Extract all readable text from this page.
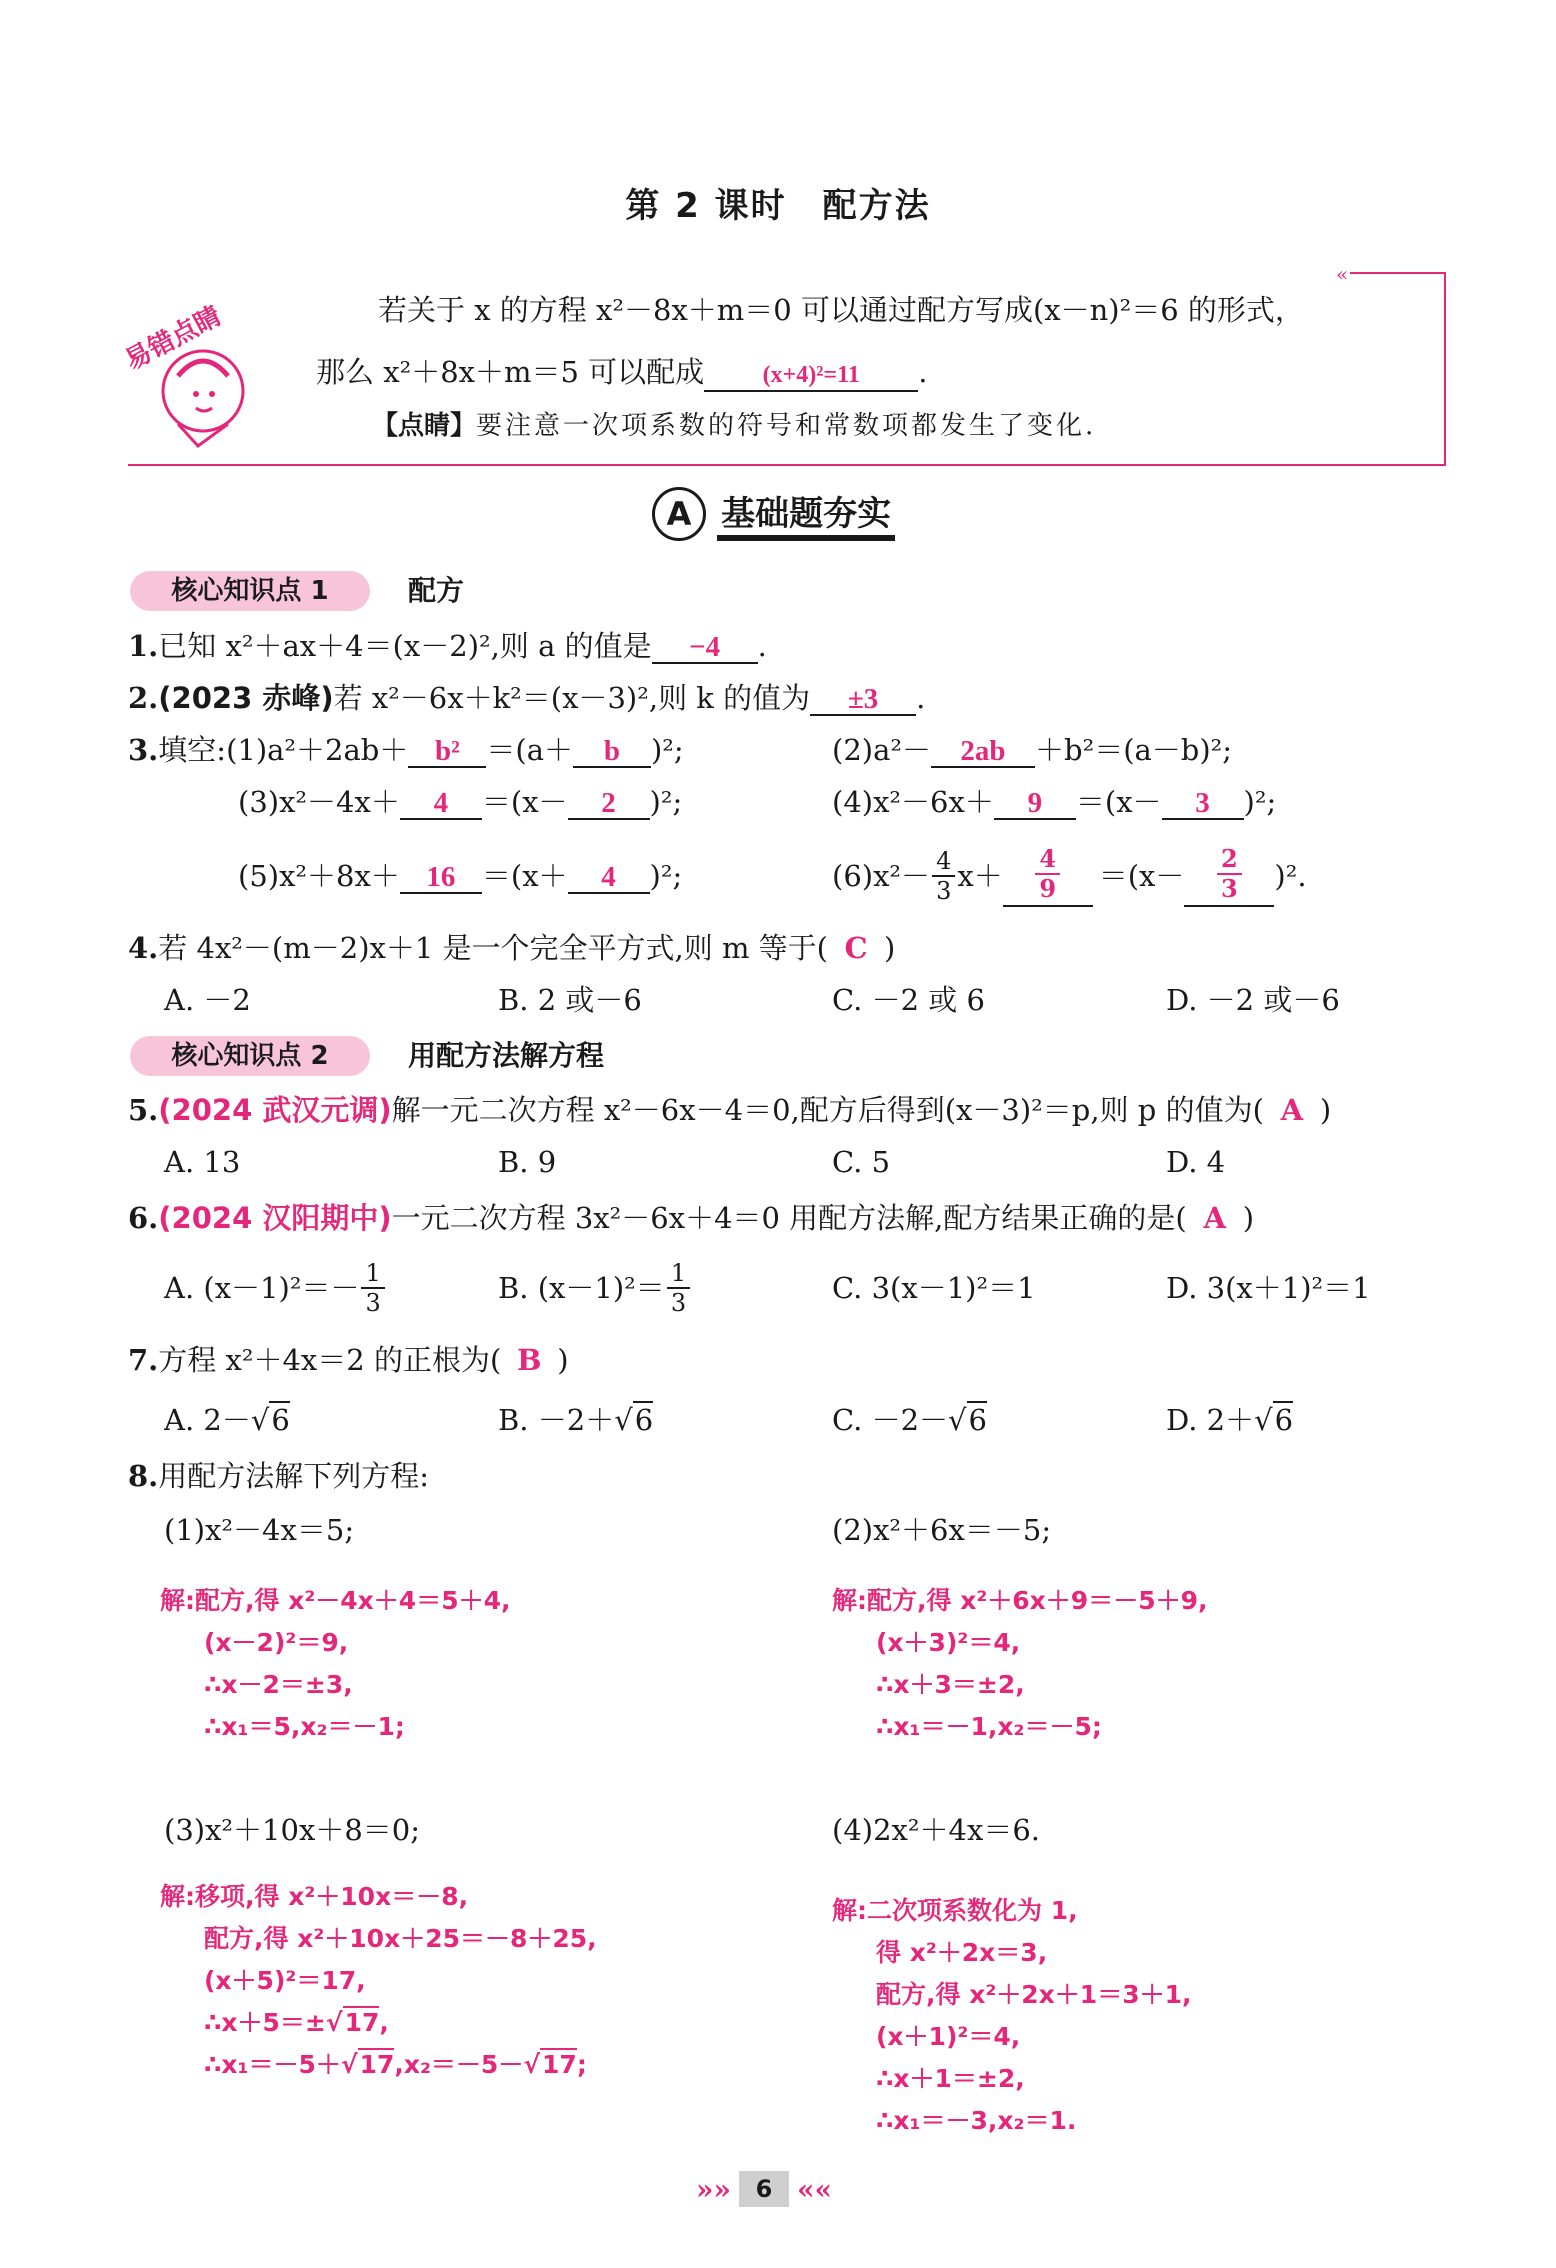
第 2 课时　配方法
«
易错点睛	若关于 x 的方程 x²－8x＋m＝0 可以通过配方写成(x－n)²＝6 的形式，
那么 x²＋8x＋m＝5 可以配成 (x+4)²=11 .
【点睛】要注意一次项系数的符号和常数项都发生了变化.
A 基础题夯实
核心知识点 1	配方
1.已知 x²＋ax＋4＝(x－2)²,则 a 的值是 −4 .
2.(2023 赤峰)若 x²－6x＋k²＝(x－3)²,则 k 的值为 ±3 .
3.填空:(1)a²＋2ab＋ b² ＝(a＋ b )²;	(2)a²－ 2ab ＋b²＝(a－b)²;
(3)x²－4x＋ 4 ＝(x－ 2 )²;	(4)x²－6x＋ 9 ＝(x－ 3 )²;
(5)x²＋8x＋ 16 ＝(x＋ 4 )²;	$(6)x^2- \frac{4}{3} x+ \frac{4}{9} =(x- \frac{2}{3} )^2$.
4.若 4x²－(m－2)x＋1 是一个完全平方式,则 m 等于( C )
A. －2	B. 2 或－6	C. －2 或 6	D. －2 或－6
核心知识点 2	用配方法解方程
5.(2024 武汉元调)解一元二次方程 x²－6x－4＝0,配方后得到(x－3)²＝p,则 p 的值为( A )
A. 13	B. 9	C. 5	D. 4
6.(2024 汉阳期中)一元二次方程 3x²－6x＋4＝0 用配方法解,配方结果正确的是( A )
A. $(x-1)^2=- \frac{1}{3}$	B. $(x-1)^2= \frac{1}{3}$	C. 3(x－1)²＝1	D. 3(x＋1)²＝1
7.方程 x²＋4x＝2 的正根为( B )
A. 2－√6	B. －2＋√6	C. －2－√6	D. 2＋√6
8.用配方法解下列方程:
(1)x²－4x＝5;	(2)x²＋6x＝－5;
解:配方,得 x²－4x＋4＝5＋4,
(x－2)²＝9,
∴x－2＝±3,
∴x₁＝5,x₂＝－1;
解:配方,得 x²＋6x＋9＝－5＋9,
(x＋3)²＝4,
∴x＋3＝±2,
∴x₁＝－1,x₂＝－5;
(3)x²＋10x＋8＝0;	(4)2x²＋4x＝6.
解:移项,得 x²＋10x＝－8,
配方,得 x²＋10x＋25＝－8＋25,
(x＋5)²＝17,
∴x＋5＝±√17,
∴x₁＝－5＋√17,x₂＝－5－√17;
解:二次项系数化为 1,
得 x²＋2x＝3,
配方,得 x²＋2x＋1＝3＋1,
(x＋1)²＝4,
∴x＋1＝±2,
∴x₁＝－3,x₂＝1.
»»	6 ««
